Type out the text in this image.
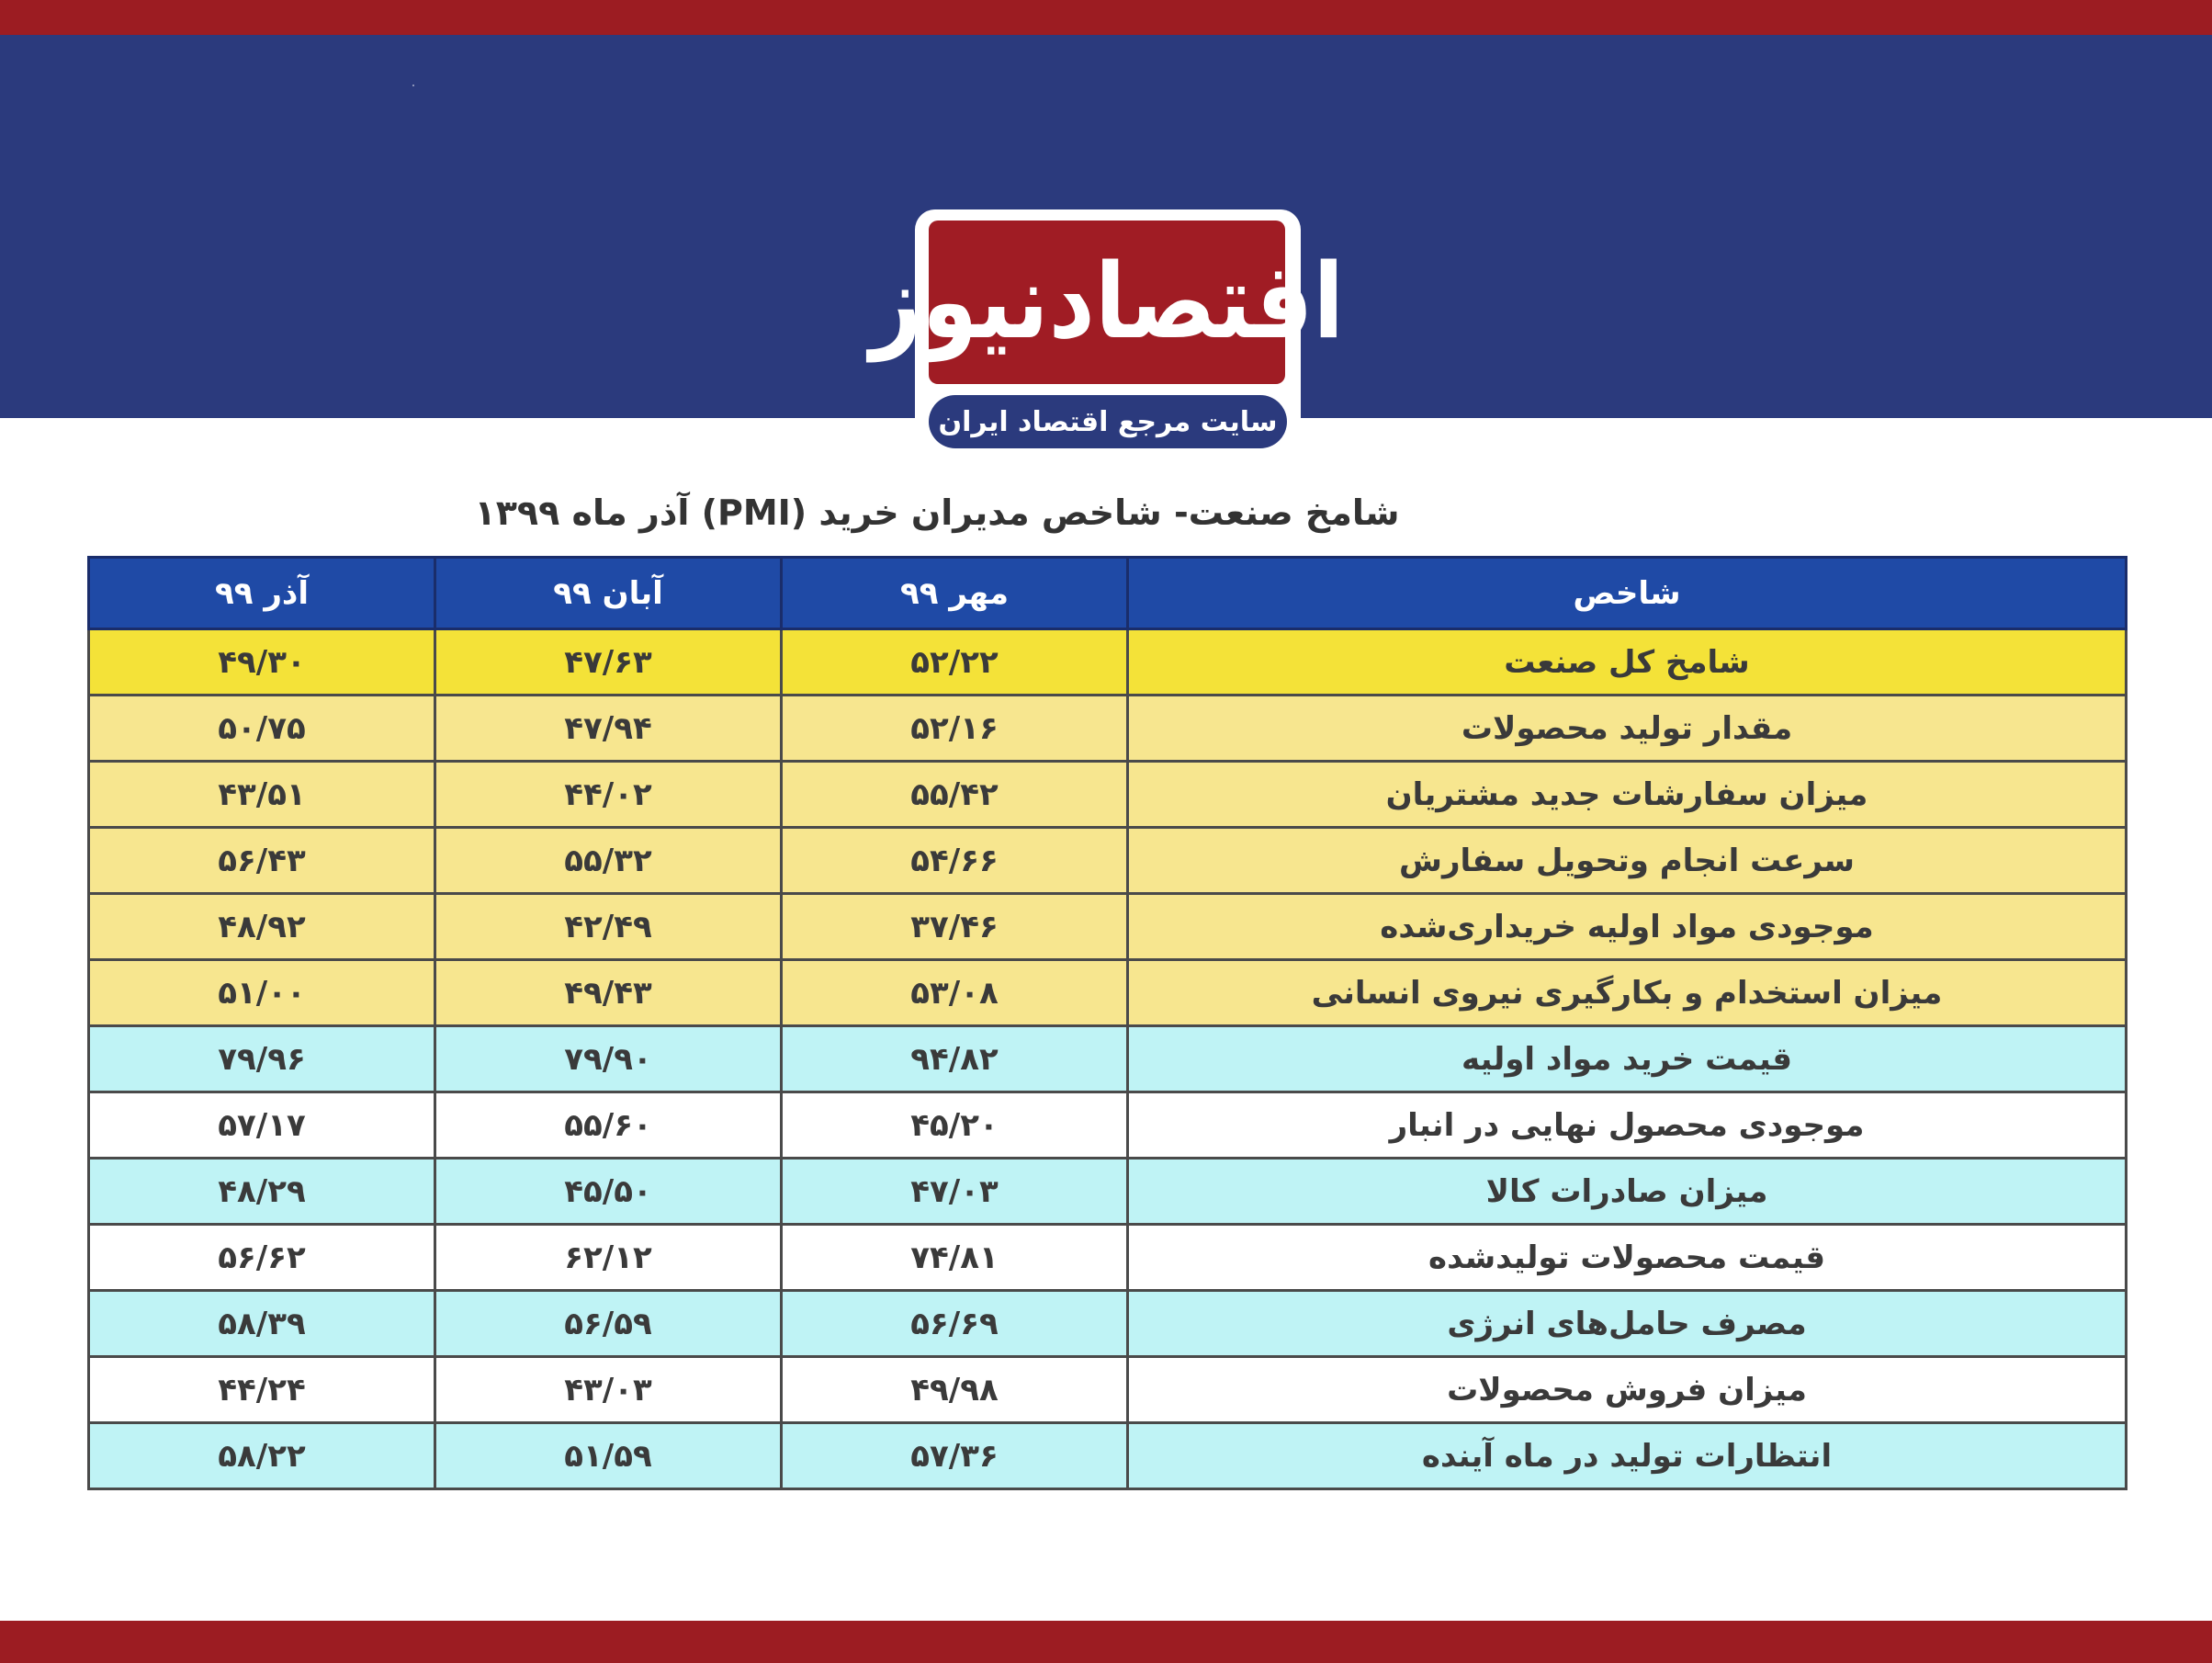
اقتصادنیوز
سایت مرجع اقتصاد ایران
شامخ صنعت- شاخص مدیران خرید (PMI) آذر ماه ۱۳۹۹
شاخص	مهر ۹۹	آبان ۹۹	آذر ۹۹
شامخ کل صنعت	۵۲/۲۲	۴۷/۶۳	۴۹/۳۰
مقدار تولید محصولات	۵۲/۱۶	۴۷/۹۴	۵۰/۷۵
میزان سفارشات جدید مشتریان	۵۵/۴۲	۴۴/۰۲	۴۳/۵۱
سرعت انجام وتحویل سفارش	۵۴/۶۶	۵۵/۳۲	۵۶/۴۳
موجودی مواد اولیه خریداری‌شده	۳۷/۴۶	۴۲/۴۹	۴۸/۹۲
میزان استخدام و بکارگیری نیروی انسانی	۵۳/۰۸	۴۹/۴۳	۵۱/۰۰
قیمت خرید مواد اولیه	۹۴/۸۲	۷۹/۹۰	۷۹/۹۶
موجودی محصول نهایی در انبار	۴۵/۲۰	۵۵/۶۰	۵۷/۱۷
میزان صادرات کالا	۴۷/۰۳	۴۵/۵۰	۴۸/۲۹
قیمت محصولات تولیدشده	۷۴/۸۱	۶۲/۱۲	۵۶/۶۲
مصرف حامل‌های انرژی	۵۶/۶۹	۵۶/۵۹	۵۸/۳۹
میزان فروش محصولات	۴۹/۹۸	۴۳/۰۳	۴۴/۲۴
انتظارات تولید در ماه آینده	۵۷/۳۶	۵۱/۵۹	۵۸/۲۲
